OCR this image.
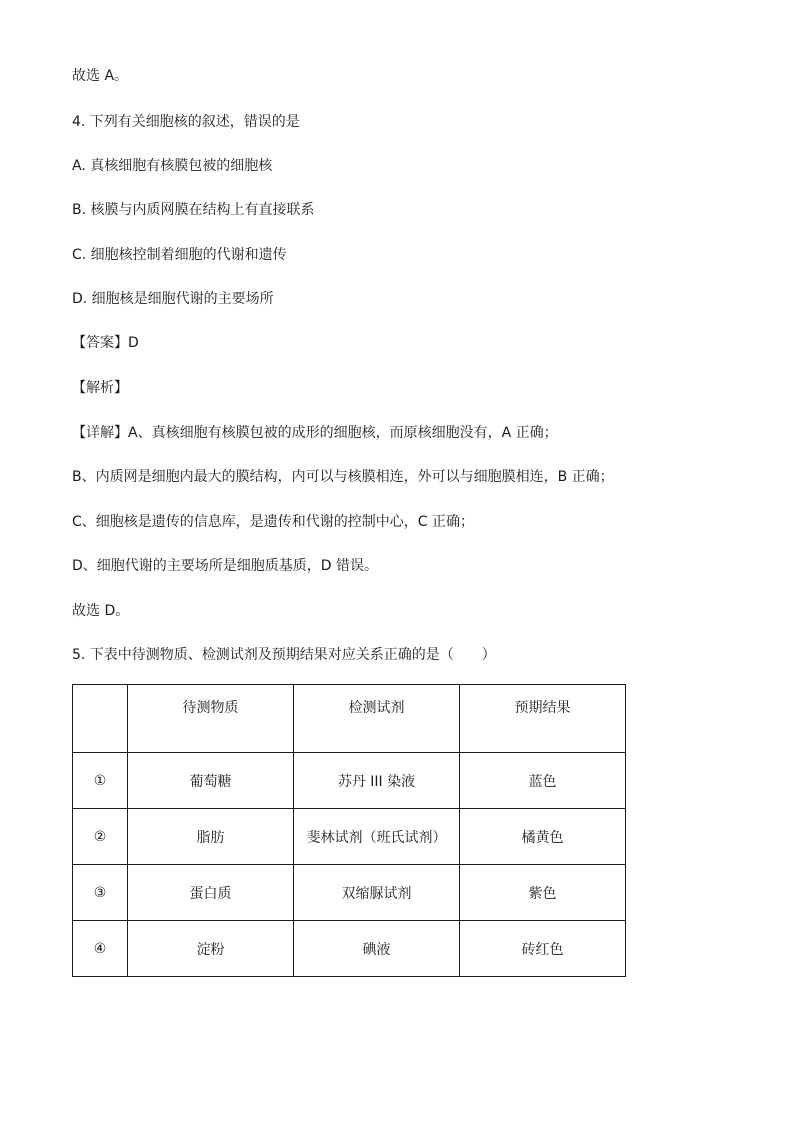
故选 A。
4. 下列有关细胞核的叙述，错误的是
A. 真核细胞有核膜包被的细胞核
B. 核膜与内质网膜在结构上有直接联系
C. 细胞核控制着细胞的代谢和遗传
D. 细胞核是细胞代谢的主要场所
【答案】D
【解析】
【详解】A、真核细胞有核膜包被的成形的细胞核，而原核细胞没有，A 正确；
B、内质网是细胞内最大的膜结构，内可以与核膜相连，外可以与细胞膜相连，B 正确；
C、细胞核是遗传的信息库，是遗传和代谢的控制中心，C 正确；
D、细胞代谢的主要场所是细胞质基质，D 错误。
故选 D。
5. 下表中待测物质、检测试剂及预期结果对应关系正确的是（　　）
	待测物质	检测试剂	预期结果
①	葡萄糖	苏丹 III 染液	蓝色
②	脂肪	斐林试剂（班氏试剂）	橘黄色
③	蛋白质	双缩脲试剂	紫色
④	淀粉	碘液	砖红色
